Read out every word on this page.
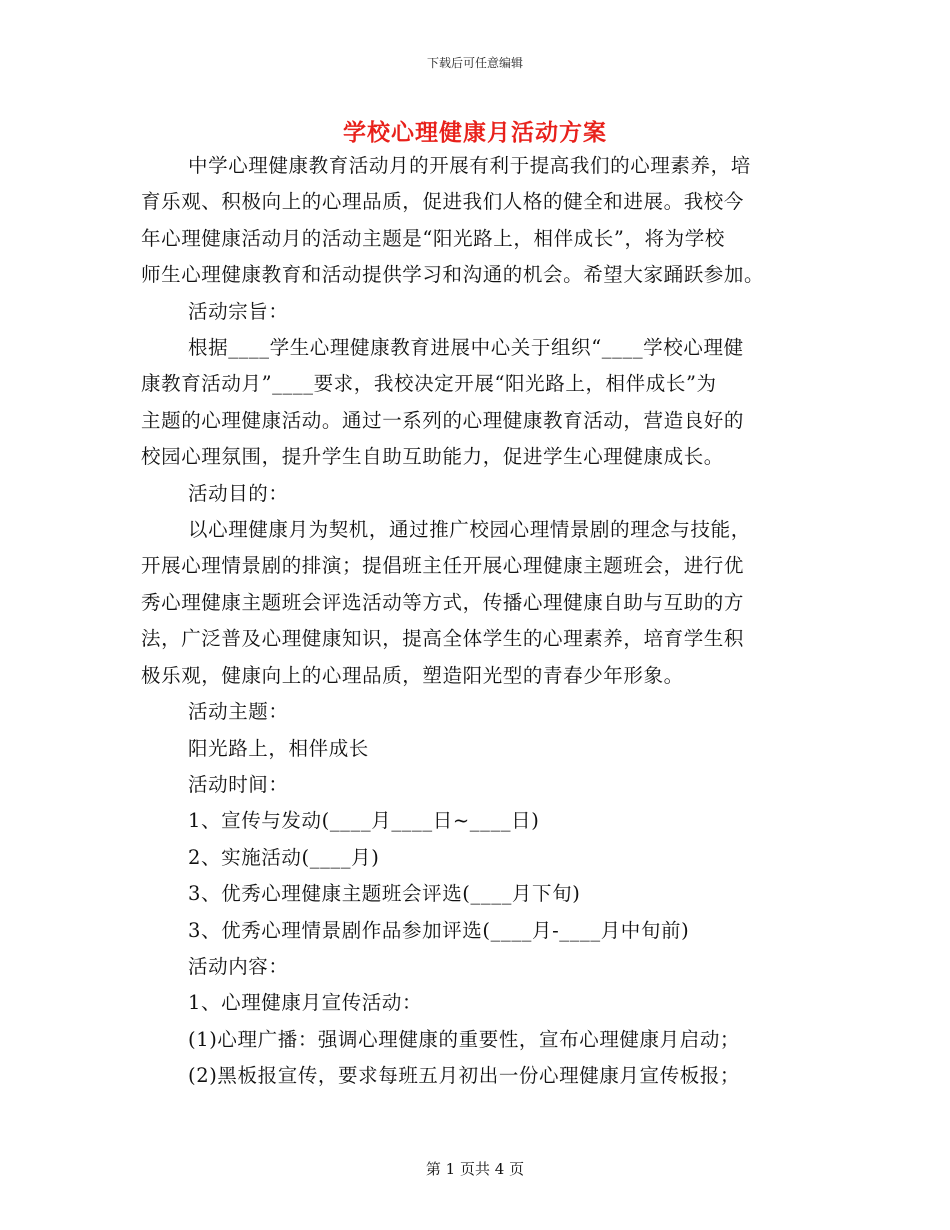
下载后可任意编辑
学校心理健康月活动方案

中学心理健康教育活动月的开展有利于提高我们的心理素养，培

育乐观、积极向上的心理品质，促进我们人格的健全和进展。我校今

年心理健康活动月的活动主题是“阳光路上，相伴成长”，将为学校

师生心理健康教育和活动提供学习和沟通的机会。希望大家踊跃参加。

活动宗旨：

根据____学生心理健康教育进展中心关于组织“____学校心理健

康教育活动月”____要求，我校决定开展“阳光路上，相伴成长”为

主题的心理健康活动。通过一系列的心理健康教育活动，营造良好的

校园心理氛围，提升学生自助互助能力，促进学生心理健康成长。

活动目的：

以心理健康月为契机，通过推广校园心理情景剧的理念与技能，

开展心理情景剧的排演；提倡班主任开展心理健康主题班会，进行优

秀心理健康主题班会评选活动等方式，传播心理健康自助与互助的方

法，广泛普及心理健康知识，提高全体学生的心理素养，培育学生积

极乐观，健康向上的心理品质，塑造阳光型的青春少年形象。

活动主题：

阳光路上，相伴成长

活动时间：

1、宣传与发动(____月____日~____日)

2、实施活动(____月)

3、优秀心理健康主题班会评选(____月下旬)

3、优秀心理情景剧作品参加评选(____月-____月中旬前)

活动内容：

1、心理健康月宣传活动：

(1)心理广播：强调心理健康的重要性，宣布心理健康月启动；

(2)黑板报宣传，要求每班五月初出一份心理健康月宣传板报；

第 1 页共 4 页
